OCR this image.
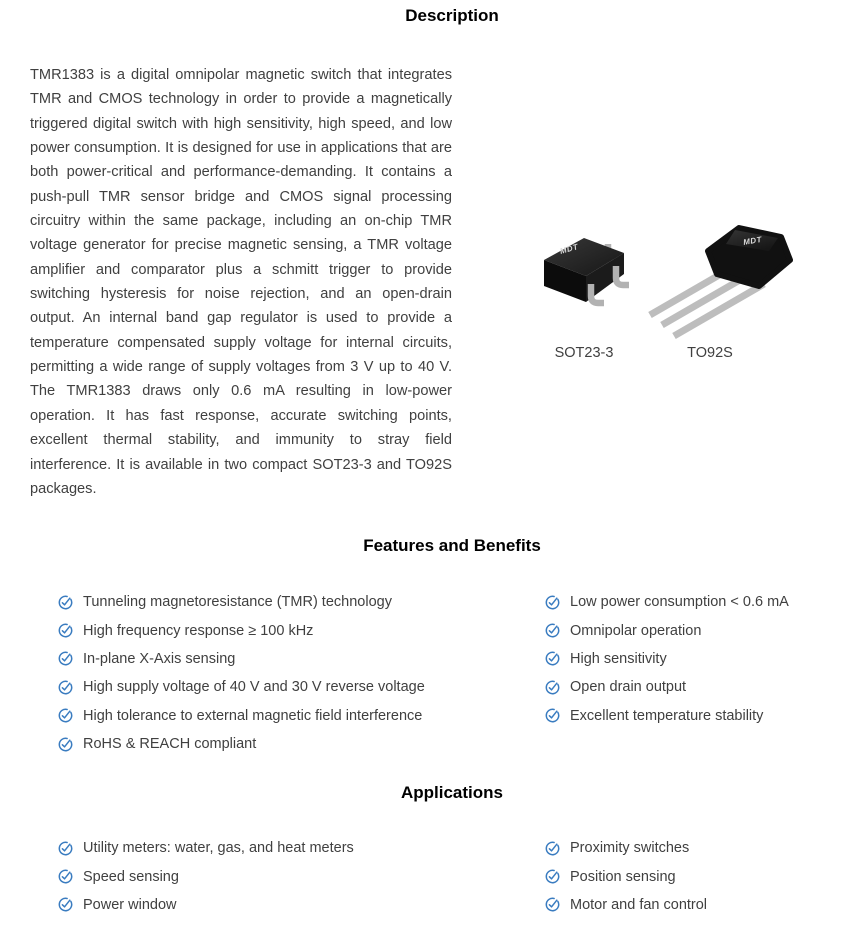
Description

TMR1383 is a digital omnipolar magnetic switch that integrates TMR and CMOS technology in order to provide a magnetically triggered digital switch with high sensitivity, high speed, and low power consumption. It is designed for use in applications that are both power-critical and performance-demanding. It contains a push-pull TMR sensor bridge and CMOS signal processing circuitry within the same package, including an on-chip TMR voltage generator for precise magnetic sensing, a TMR voltage amplifier and comparator plus a schmitt trigger to provide switching hysteresis for noise rejection, and an open-drain output. An internal band gap regulator is used to provide a temperature compensated supply voltage for internal circuits, permitting a wide range of supply voltages from 3 V up to 40 V. The TMR1383 draws only 0.6 mA resulting in low-power operation. It has fast response, accurate switching points, excellent thermal stability, and immunity to stray field interference. It is available in two compact SOT23-3 and TO92S packages.

MDT
MDT

SOT23-3	TO92S

Features and Benefits
Tunneling magnetoresistance (TMR) technology
High frequency response ≥ 100 kHz
In-plane X-Axis sensing
High supply voltage of 40 V and 30 V reverse voltage
High tolerance to external magnetic field interference
RoHS & REACH compliant
Low power consumption < 0.6 mA
Omnipolar operation
High sensitivity
Open drain output
Excellent temperature stability
Applications
Utility meters: water, gas, and heat meters
Speed sensing
Power window
Proximity switches
Position sensing
Motor and fan control
